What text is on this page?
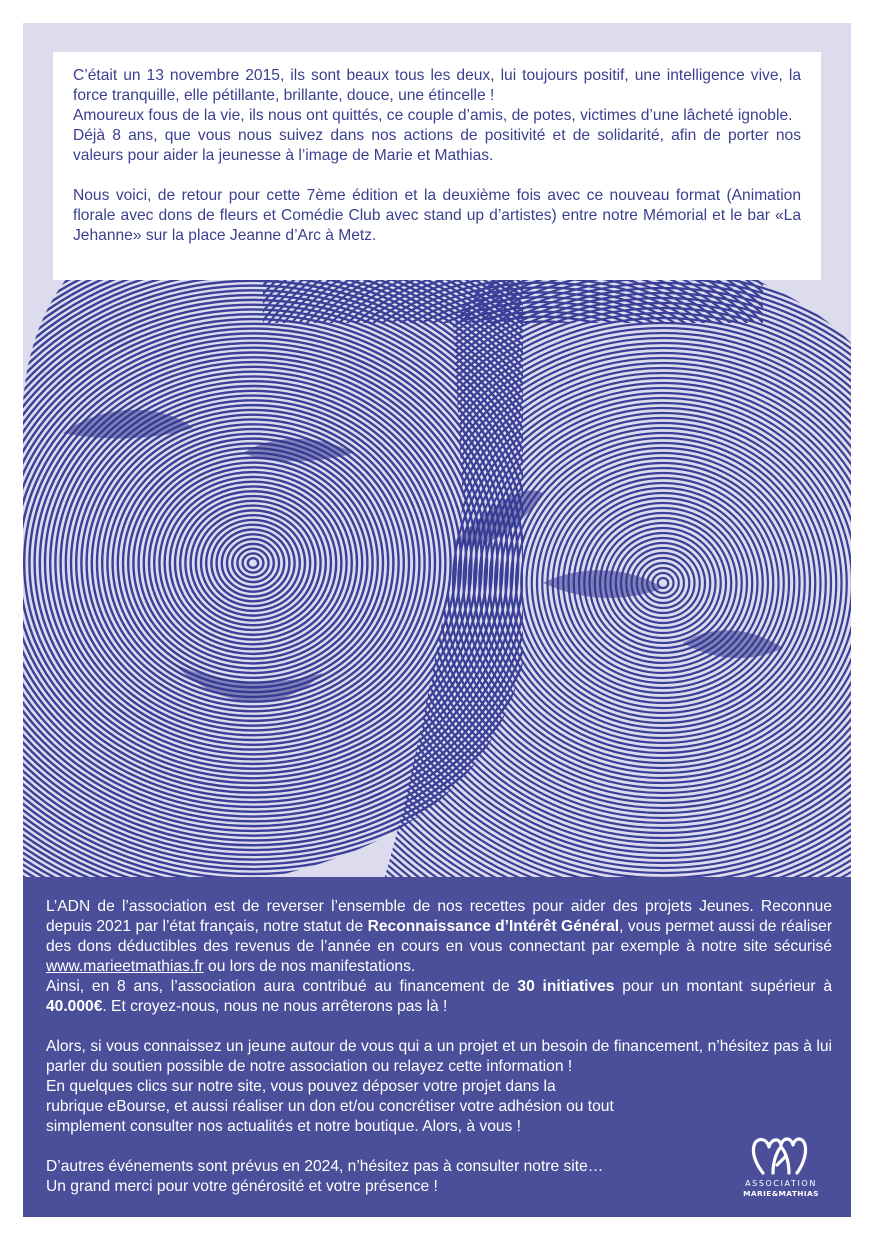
C’était un 13 novembre 2015, ils sont beaux tous les deux, lui toujours positif, une intelligence vive, la force tranquille, elle pétillante, brillante, douce, une étincelle !

Amoureux fous de la vie, ils nous ont quittés, ce couple d’amis, de potes, victimes d’une lâcheté ignoble.

Déjà 8 ans, que vous nous suivez dans nos actions de positivité et de solidarité, afin de porter nos valeurs pour aider la jeunesse à l’image de Marie et Mathias.

Nous voici, de retour pour cette 7ème édition et la deuxième fois avec ce nouveau format (Animation florale avec dons de fleurs et Comédie Club avec stand up d’artistes) entre notre Mémorial et le bar «La Jehanne» sur la place Jeanne d’Arc à Metz.

L’ADN de l’association est de reverser l’ensemble de nos recettes pour aider des projets Jeunes. Reconnue depuis 2021 par l’état français, notre statut de Reconnaissance d’Intérêt Général, vous permet aussi de réaliser des dons déductibles des revenus de l’année en cours en vous connectant par exemple à notre site sécurisé www.marieetmathias.fr ou lors de nos manifestations.

Ainsi, en 8 ans, l’association aura contribué au financement de 30 initiatives pour un montant supérieur à 40.000€. Et croyez-nous, nous ne nous arrêterons pas là !

Alors, si vous connaissez un jeune autour de vous qui a un projet et un besoin de financement, n’hésitez pas à lui parler du soutien possible de notre association ou relayez cette information !

En quelques clics sur notre site, vous pouvez déposer votre projet dans la

rubrique eBourse, et aussi réaliser un don et/ou concrétiser votre adhésion ou tout

simplement consulter nos actualités et notre boutique. Alors, à vous !

D’autres événements sont prévus en 2024, n’hésitez pas à consulter notre site…

Un grand merci pour votre générosité et votre présence !	ASSOCIATION
MARIE&MATHIAS
